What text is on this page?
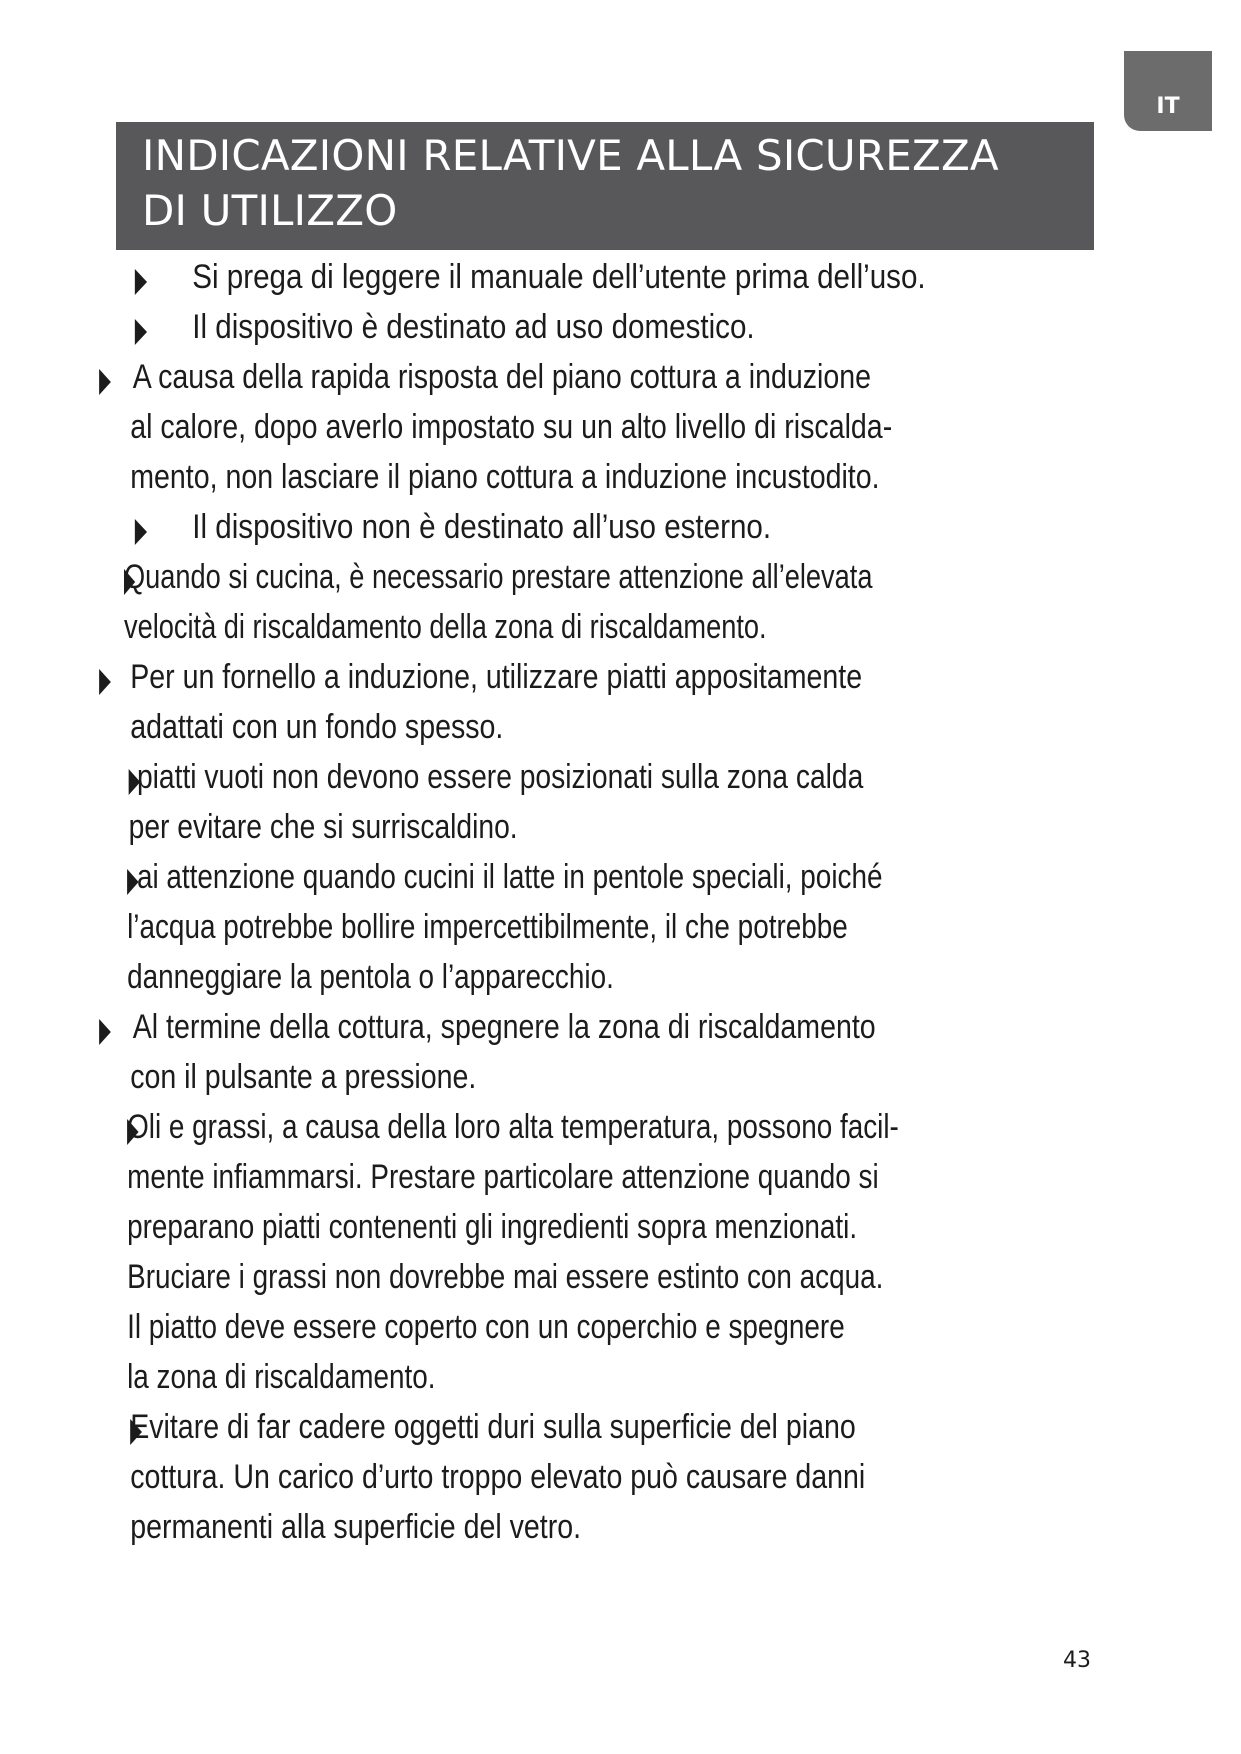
IT
INDICAZIONI RELATIVE ALLA SICUREZZA
DI UTILIZZO
Si prega di leggere il manuale dell’utente prima dell’uso.
Il dispositivo è destinato ad uso domestico.
A causa della rapida risposta del piano cottura a induzione
al calore, dopo averlo impostato su un alto livello di riscalda-
mento, non lasciare il piano cottura a induzione incustodito.
Il dispositivo non è destinato all’uso esterno.
Quando si cucina, è necessario prestare attenzione all’elevata
velocità di riscaldamento della zona di riscaldamento.
Per un fornello a induzione, utilizzare piatti appositamente
adattati con un fondo spesso.
piatti vuoti non devono essere posizionati sulla zona calda
per evitare che si surriscaldino.
ai attenzione quando cucini il latte in pentole speciali, poiché
l’acqua potrebbe bollire impercettibilmente, il che potrebbe
danneggiare la pentola o l’apparecchio.
Al termine della cottura, spegnere la zona di riscaldamento
con il pulsante a pressione.
Oli e grassi, a causa della loro alta temperatura, possono facil-
mente infiammarsi. Prestare particolare attenzione quando si
preparano piatti contenenti gli ingredienti sopra menzionati.
Bruciare i grassi non dovrebbe mai essere estinto con acqua.
Il piatto deve essere coperto con un coperchio e spegnere
la zona di riscaldamento.
Evitare di far cadere oggetti duri sulla superficie del piano
cottura. Un carico d’urto troppo elevato può causare danni
permanenti alla superficie del vetro.
43
